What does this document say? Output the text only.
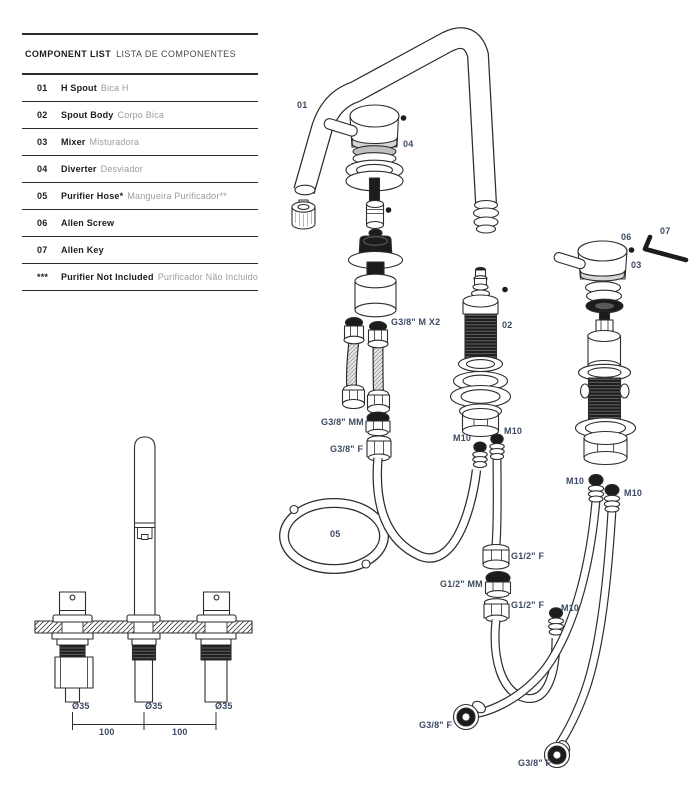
COMPONENT LIST LISTA DE COMPONENTES
01	H Spout Bica H
02	Spout Body Corpo Bica
03	Mixer Misturadora
04	Diverter Desviador
05	Purifier Hose* Mangueira Purificador**
06	Allen Screw
07	Allen Key
***	Purifier Not Included Purificador Não Incluido
01
04
G3/8" M X2	02
06
07
03
G3/8" MM
G3/8" F
05
M10
M10
M10
M10
G1/2" F
G1/2" MM
G1/2" F M10
G3/8" F
G3/8" F
Ø35	Ø35	Ø35
100	100
